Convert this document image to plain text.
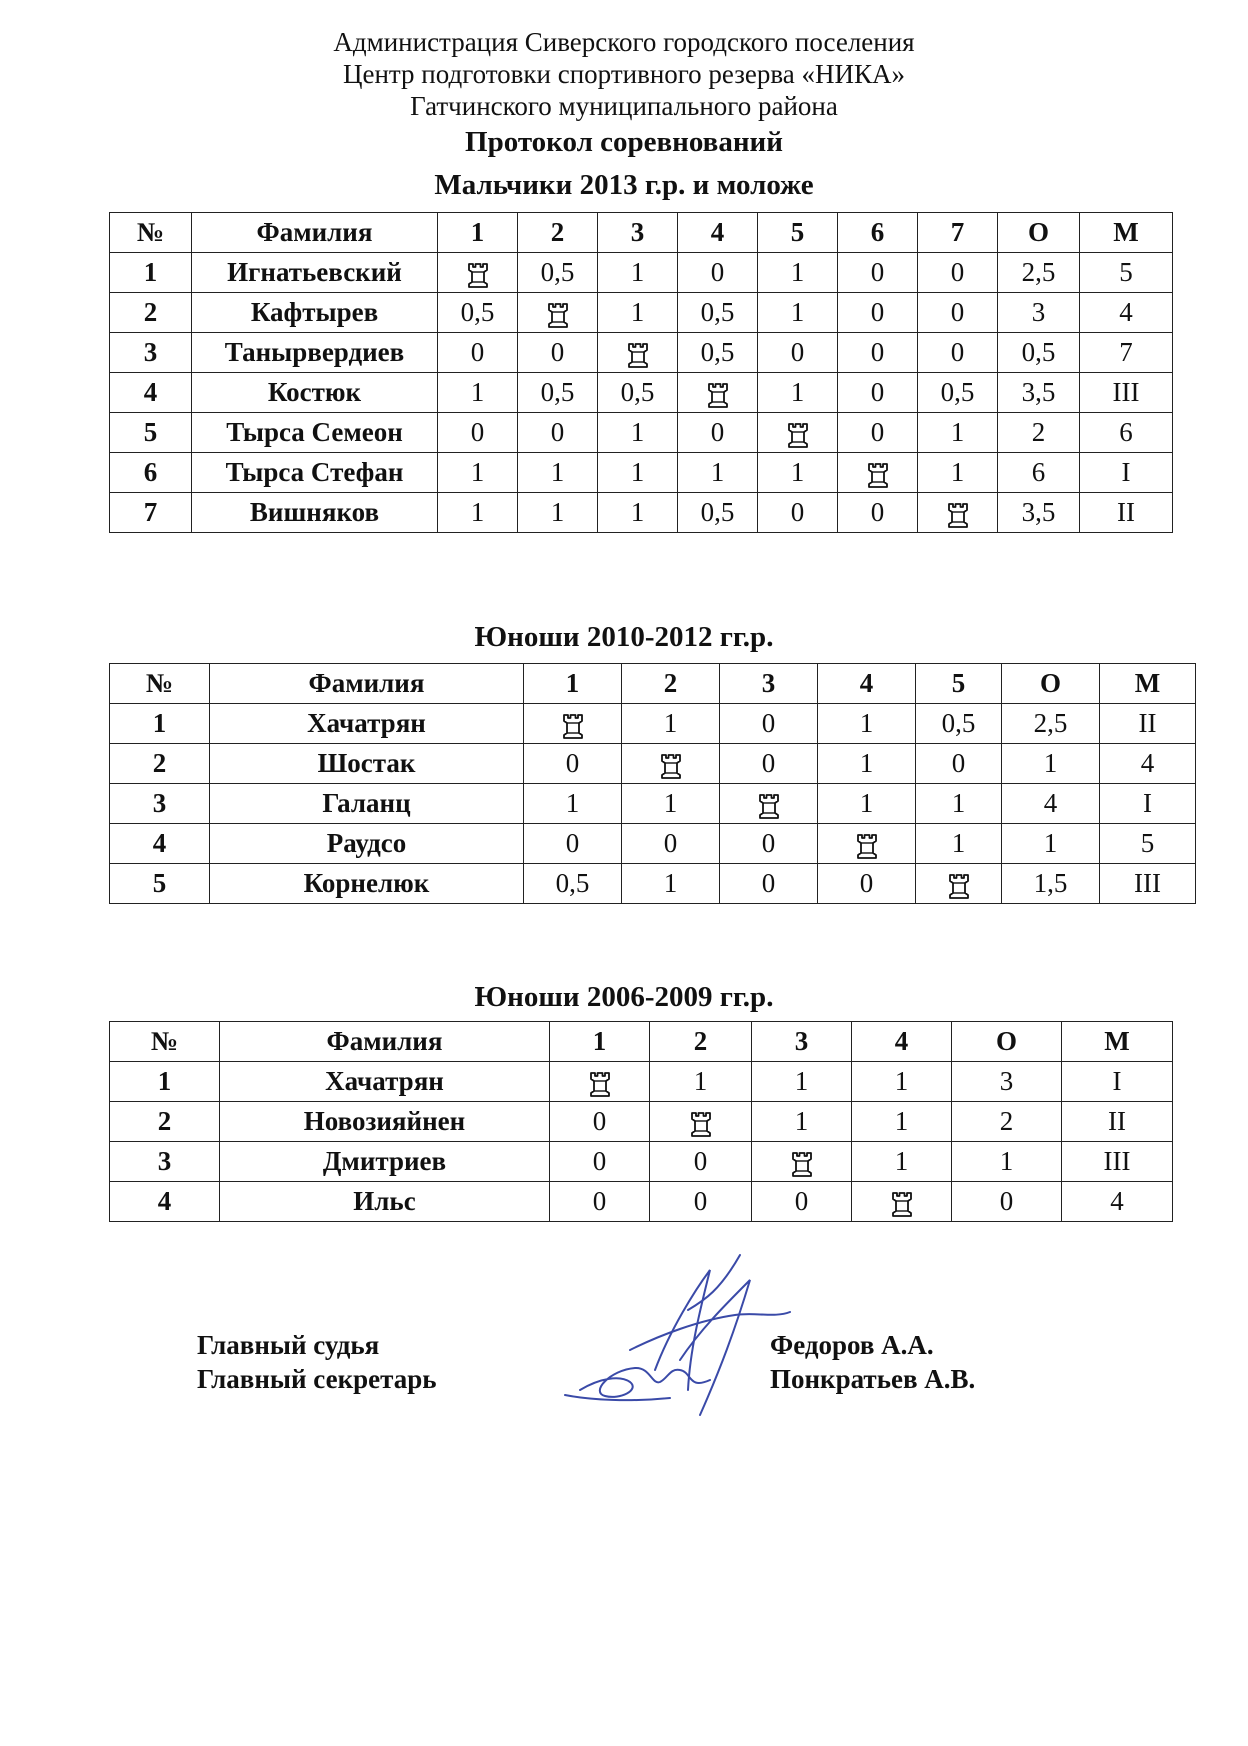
Администрация Сиверского городского поселения
Центр подготовки спортивного резерва «НИКА»
Гатчинского муниципального района
Протокол соревнований
Мальчики 2013 г.р. и моложе
№	Фамилия	1	2	3	4	5	6	7	О	М
1	Игнатьевский		0,5	1	0	1	0	0	2,5	5
2	Кафтырев	0,5		1	0,5	1	0	0	3	4
3	Танырвердиев	0	0		0,5	0	0	0	0,5	7
4	Костюк	1	0,5	0,5		1	0	0,5	3,5	III
5	Тырса Семеон	0	0	1	0		0	1	2	6
6	Тырса Стефан	1	1	1	1	1		1	6	I
7	Вишняков	1	1	1	0,5	0	0		3,5	II
Юноши 2010-2012 гг.р.
№	Фамилия	1	2	3	4	5	О	М
1	Хачатрян		1	0	1	0,5	2,5	II
2	Шостак	0		0	1	0	1	4
3	Галанц	1	1		1	1	4	I
4	Раудсо	0	0	0		1	1	5
5	Корнелюк	0,5	1	0	0		1,5	III
Юноши 2006-2009 гг.р.
№	Фамилия	1	2	3	4	О	М
1	Хачатрян		1	1	1	3	I
2	Новозияйнен	0		1	1	2	II
3	Дмитриев	0	0		1	1	III
4	Ильс	0	0	0		0	4
Главный судья
Главный секретарь
Федоров А.А.
Понкратьев А.В.
